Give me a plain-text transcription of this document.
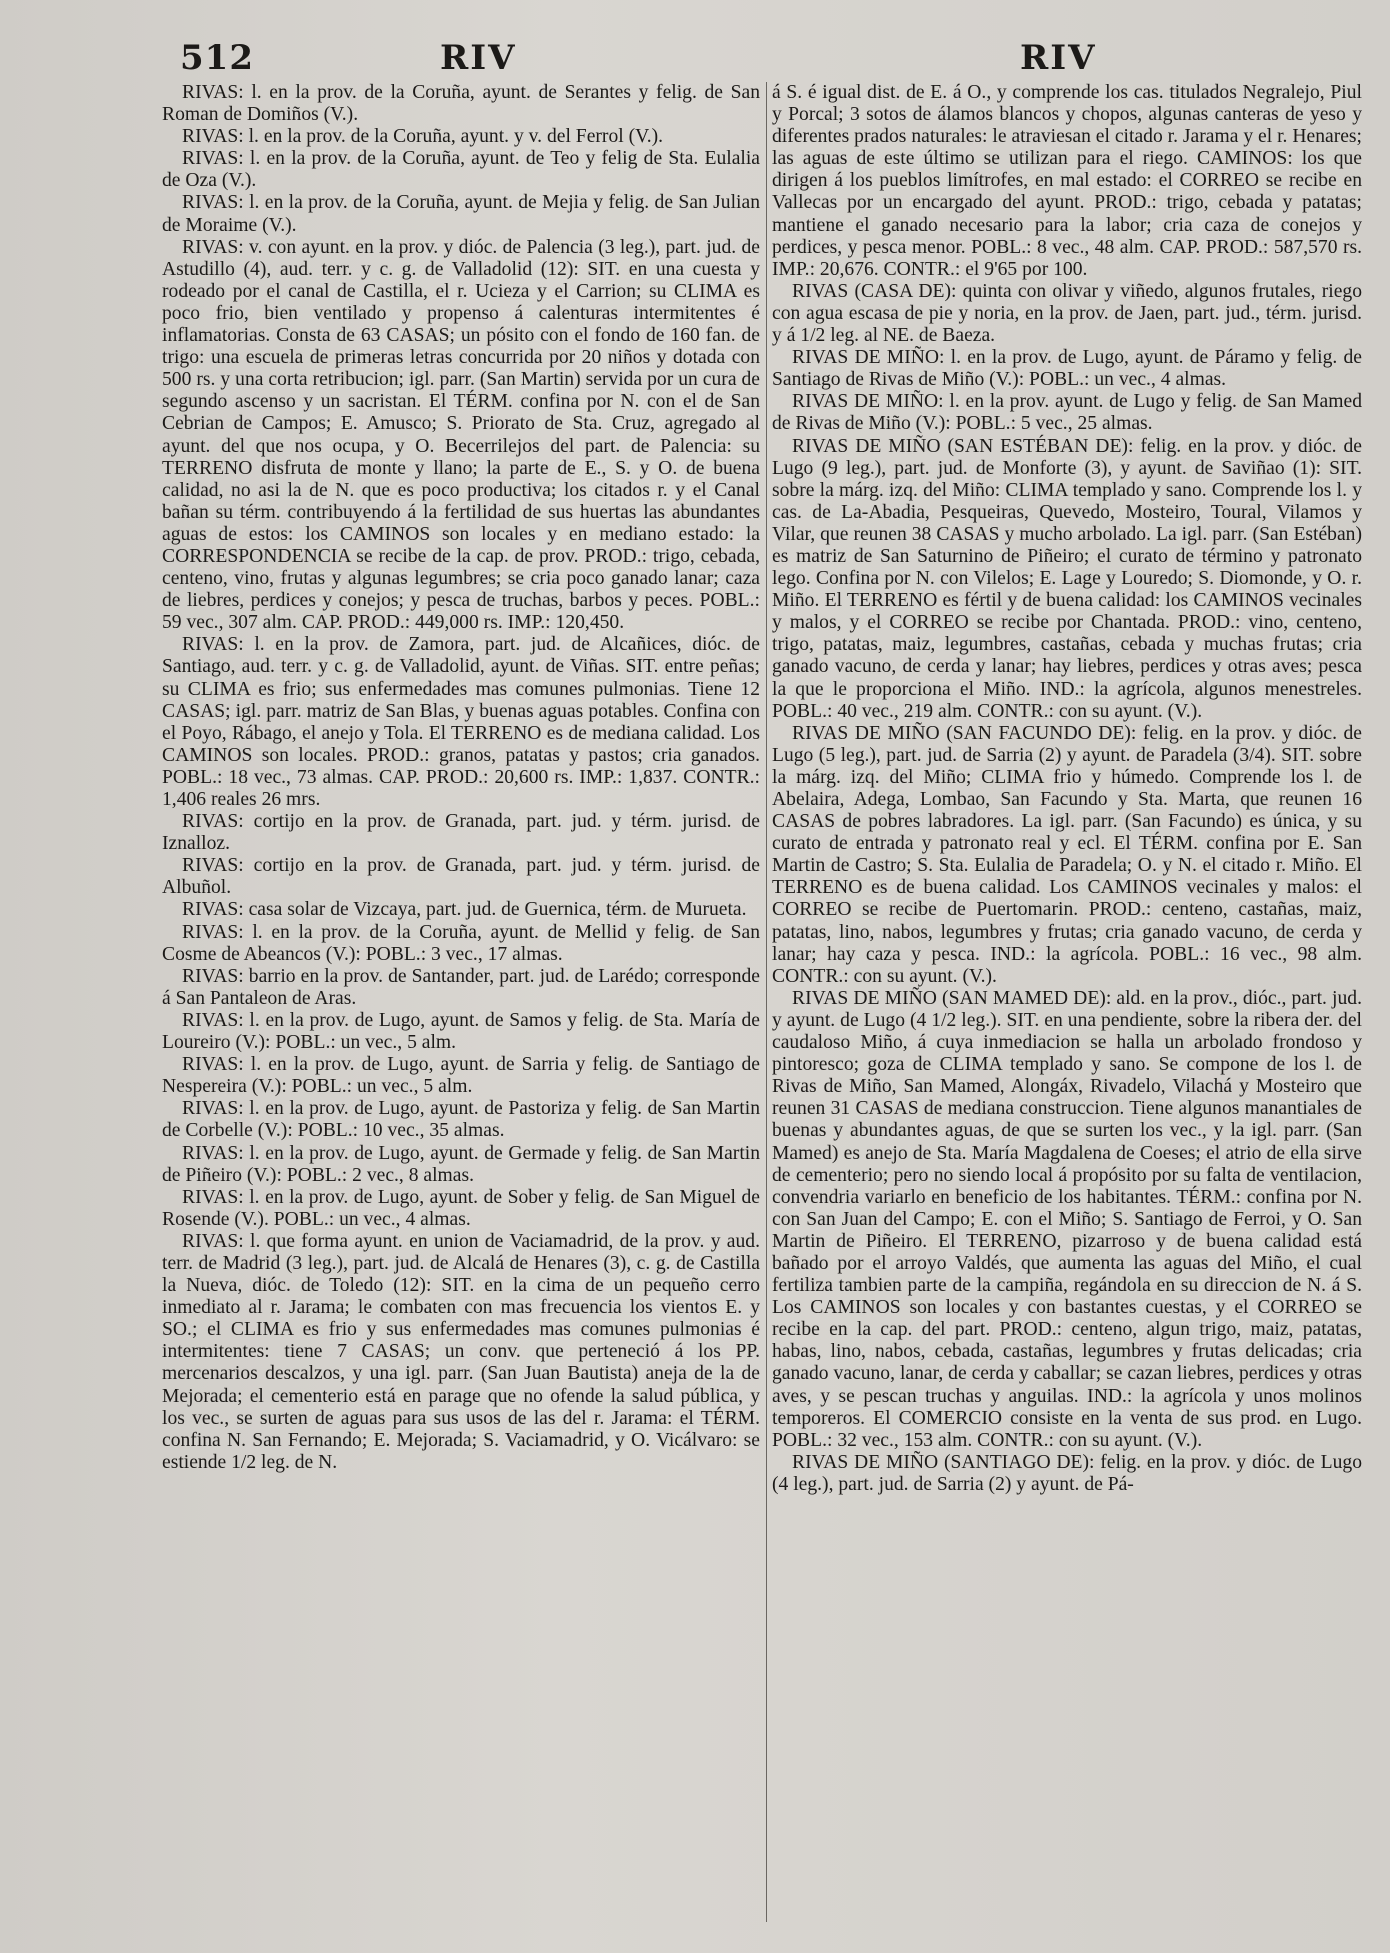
512	RIV	RIV

RIVAS: l. en la prov. de la Coruña, ayunt. de Serantes y felig. de San Roman de Domiños (V.).

RIVAS: l. en la prov. de la Coruña, ayunt. y v. del Ferrol (V.).

RIVAS: l. en la prov. de la Coruña, ayunt. de Teo y felig de Sta. Eulalia de Oza (V.).

RIVAS: l. en la prov. de la Coruña, ayunt. de Mejia y felig. de San Julian de Moraime (V.).

RIVAS: v. con ayunt. en la prov. y dióc. de Palencia (3 leg.), part. jud. de Astudillo (4), aud. terr. y c. g. de Valladolid (12): SIT. en una cuesta y rodeado por el canal de Castilla, el r. Ucieza y el Carrion; su CLIMA es poco frio, bien ventilado y propenso á calenturas intermitentes é inflamatorias. Consta de 63 CASAS; un pósito con el fondo de 160 fan. de trigo: una escuela de primeras letras concurrida por 20 niños y dotada con 500 rs. y una corta retribucion; igl. parr. (San Martin) servida por un cura de segundo ascenso y un sacristan. El TÉRM. confina por N. con el de San Cebrian de Campos; E. Amusco; S. Priorato de Sta. Cruz, agregado al ayunt. del que nos ocupa, y O. Becerrilejos del part. de Palencia: su TERRENO disfruta de monte y llano; la parte de E., S. y O. de buena calidad, no asi la de N. que es poco productiva; los citados r. y el Canal bañan su térm. contribuyendo á la fertilidad de sus huertas las abundantes aguas de estos: los CAMINOS son locales y en mediano estado: la CORRESPONDENCIA se recibe de la cap. de prov. PROD.: trigo, cebada, centeno, vino, frutas y algunas legumbres; se cria poco ganado lanar; caza de liebres, perdices y conejos; y pesca de truchas, barbos y peces. POBL.: 59 vec., 307 alm. CAP. PROD.: 449,000 rs. IMP.: 120,450.

RIVAS: l. en la prov. de Zamora, part. jud. de Alcañices, dióc. de Santiago, aud. terr. y c. g. de Valladolid, ayunt. de Viñas. SIT. entre peñas; su CLIMA es frio; sus enfermedades mas comunes pulmonias. Tiene 12 CASAS; igl. parr. matriz de San Blas, y buenas aguas potables. Confina con el Poyo, Rábago, el anejo y Tola. El TERRENO es de mediana calidad. Los CAMINOS son locales. PROD.: granos, patatas y pastos; cria ganados. POBL.: 18 vec., 73 almas. CAP. PROD.: 20,600 rs. IMP.: 1,837. CONTR.: 1,406 reales 26 mrs.

RIVAS: cortijo en la prov. de Granada, part. jud. y térm. jurisd. de Iznalloz.

RIVAS: cortijo en la prov. de Granada, part. jud. y térm. jurisd. de Albuñol.

RIVAS: casa solar de Vizcaya, part. jud. de Guernica, térm. de Murueta.

RIVAS: l. en la prov. de la Coruña, ayunt. de Mellid y felig. de San Cosme de Abeancos (V.): POBL.: 3 vec., 17 almas.

RIVAS: barrio en la prov. de Santander, part. jud. de Larédo; corresponde á San Pantaleon de Aras.

RIVAS: l. en la prov. de Lugo, ayunt. de Samos y felig. de Sta. María de Loureiro (V.): POBL.: un vec., 5 alm.

RIVAS: l. en la prov. de Lugo, ayunt. de Sarria y felig. de Santiago de Nespereira (V.): POBL.: un vec., 5 alm.

RIVAS: l. en la prov. de Lugo, ayunt. de Pastoriza y felig. de San Martin de Corbelle (V.): POBL.: 10 vec., 35 almas.

RIVAS: l. en la prov. de Lugo, ayunt. de Germade y felig. de San Martin de Piñeiro (V.): POBL.: 2 vec., 8 almas.

RIVAS: l. en la prov. de Lugo, ayunt. de Sober y felig. de San Miguel de Rosende (V.). POBL.: un vec., 4 almas.

RIVAS: l. que forma ayunt. en union de Vaciamadrid, de la prov. y aud. terr. de Madrid (3 leg.), part. jud. de Alcalá de Henares (3), c. g. de Castilla la Nueva, dióc. de Toledo (12): SIT. en la cima de un pequeño cerro inmediato al r. Jarama; le combaten con mas frecuencia los vientos E. y SO.; el CLIMA es frio y sus enfermedades mas comunes pulmonias é intermitentes: tiene 7 CASAS; un conv. que perteneció á los PP. mercenarios descalzos, y una igl. parr. (San Juan Bautista) aneja de la de Mejorada; el cementerio está en parage que no ofende la salud pública, y los vec., se surten de aguas para sus usos de las del r. Jarama: el TÉRM. confina N. San Fernando; E. Mejorada; S. Vaciamadrid, y O. Vicálvaro: se estiende 1/2 leg. de N.

á S. é igual dist. de E. á O., y comprende los cas. titulados Negralejo, Piul y Porcal; 3 sotos de álamos blancos y chopos, algunas canteras de yeso y diferentes prados naturales: le atraviesan el citado r. Jarama y el r. Henares; las aguas de este último se utilizan para el riego. CAMINOS: los que dirigen á los pueblos limítrofes, en mal estado: el CORREO se recibe en Vallecas por un encargado del ayunt. PROD.: trigo, cebada y patatas; mantiene el ganado necesario para la labor; cria caza de conejos y perdices, y pesca menor. POBL.: 8 vec., 48 alm. CAP. PROD.: 587,570 rs. IMP.: 20,676. CONTR.: el 9'65 por 100.

RIVAS (CASA DE): quinta con olivar y viñedo, algunos frutales, riego con agua escasa de pie y noria, en la prov. de Jaen, part. jud., térm. jurisd. y á 1/2 leg. al NE. de Baeza.

RIVAS DE MIÑO: l. en la prov. de Lugo, ayunt. de Páramo y felig. de Santiago de Rivas de Miño (V.): POBL.: un vec., 4 almas.

RIVAS DE MIÑO: l. en la prov. ayunt. de Lugo y felig. de San Mamed de Rivas de Miño (V.): POBL.: 5 vec., 25 almas.

RIVAS DE MIÑO (SAN ESTÉBAN DE): felig. en la prov. y dióc. de Lugo (9 leg.), part. jud. de Monforte (3), y ayunt. de Saviñao (1): SIT. sobre la márg. izq. del Miño: CLIMA templado y sano. Comprende los l. y cas. de La-Abadia, Pesqueiras, Quevedo, Mosteiro, Toural, Vilamos y Vilar, que reunen 38 CASAS y mucho arbolado. La igl. parr. (San Estéban) es matriz de San Saturnino de Piñeiro; el curato de término y patronato lego. Confina por N. con Vilelos; E. Lage y Louredo; S. Diomonde, y O. r. Miño. El TERRENO es fértil y de buena calidad: los CAMINOS vecinales y malos, y el CORREO se recibe por Chantada. PROD.: vino, centeno, trigo, patatas, maiz, legumbres, castañas, cebada y muchas frutas; cria ganado vacuno, de cerda y lanar; hay liebres, perdices y otras aves; pesca la que le proporciona el Miño. IND.: la agrícola, algunos menestreles. POBL.: 40 vec., 219 alm. CONTR.: con su ayunt. (V.).

RIVAS DE MIÑO (SAN FACUNDO DE): felig. en la prov. y dióc. de Lugo (5 leg.), part. jud. de Sarria (2) y ayunt. de Paradela (3/4). SIT. sobre la márg. izq. del Miño; CLIMA frio y húmedo. Comprende los l. de Abelaira, Adega, Lombao, San Facundo y Sta. Marta, que reunen 16 CASAS de pobres labradores. La igl. parr. (San Facundo) es única, y su curato de entrada y patronato real y ecl. El TÉRM. confina por E. San Martin de Castro; S. Sta. Eulalia de Paradela; O. y N. el citado r. Miño. El TERRENO es de buena calidad. Los CAMINOS vecinales y malos: el CORREO se recibe de Puertomarin. PROD.: centeno, castañas, maiz, patatas, lino, nabos, legumbres y frutas; cria ganado vacuno, de cerda y lanar; hay caza y pesca. IND.: la agrícola. POBL.: 16 vec., 98 alm. CONTR.: con su ayunt. (V.).

RIVAS DE MIÑO (SAN MAMED DE): ald. en la prov., dióc., part. jud. y ayunt. de Lugo (4 1/2 leg.). SIT. en una pendiente, sobre la ribera der. del caudaloso Miño, á cuya inmediacion se halla un arbolado frondoso y pintoresco; goza de CLIMA templado y sano. Se compone de los l. de Rivas de Miño, San Mamed, Alongáx, Rivadelo, Vilachá y Mosteiro que reunen 31 CASAS de mediana construccion. Tiene algunos manantiales de buenas y abundantes aguas, de que se surten los vec., y la igl. parr. (San Mamed) es anejo de Sta. María Magdalena de Coeses; el atrio de ella sirve de cementerio; pero no siendo local á propósito por su falta de ventilacion, convendria variarlo en beneficio de los habitantes. TÉRM.: confina por N. con San Juan del Campo; E. con el Miño; S. Santiago de Ferroi, y O. San Martin de Piñeiro. El TERRENO, pizarroso y de buena calidad está bañado por el arroyo Valdés, que aumenta las aguas del Miño, el cual fertiliza tambien parte de la campiña, regándola en su direccion de N. á S. Los CAMINOS son locales y con bastantes cuestas, y el CORREO se recibe en la cap. del part. PROD.: centeno, algun trigo, maiz, patatas, habas, lino, nabos, cebada, castañas, legumbres y frutas delicadas; cria ganado vacuno, lanar, de cerda y caballar; se cazan liebres, perdices y otras aves, y se pescan truchas y anguilas. IND.: la agrícola y unos molinos temporeros. El COMERCIO consiste en la venta de sus prod. en Lugo. POBL.: 32 vec., 153 alm. CONTR.: con su ayunt. (V.).

RIVAS DE MIÑO (SANTIAGO DE): felig. en la prov. y dióc. de Lugo (4 leg.), part. jud. de Sarria (2) y ayunt. de Pá-
